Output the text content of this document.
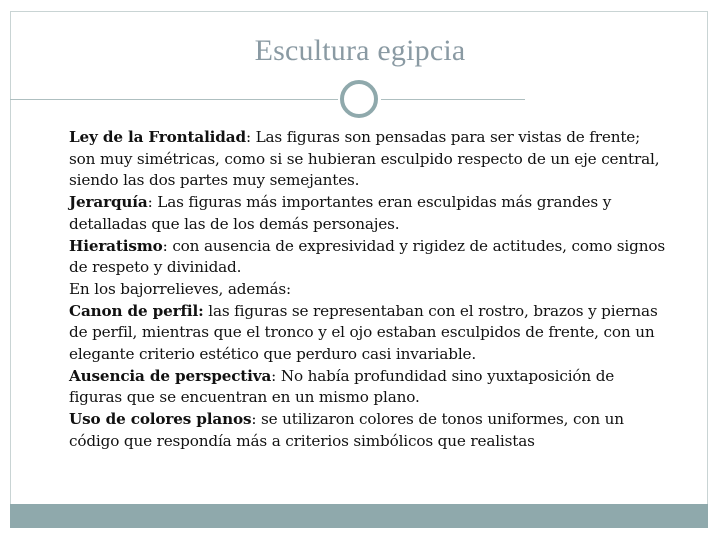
Escultura egipcia

Ley de la Frontalidad: Las figuras son pensadas para ser vistas de frente; son muy simétricas, como si se hubieran esculpido respecto de un eje central, siendo las dos partes muy semejantes.

Jerarquía: Las figuras más importantes eran esculpidas más grandes y detalladas que las de los demás personajes.

Hieratismo: con ausencia de expresividad y rigidez de actitudes, como signos de respeto y divinidad.

En los bajorrelieves, además:

Canon de perfil: las figuras se representaban con el rostro, brazos y piernas de perfil, mientras que el tronco y el ojo estaban esculpidos de frente, con un elegante criterio estético que perduro casi invariable.

Ausencia de perspectiva: No había profundidad sino yuxtaposición de figuras que se encuentran en un mismo plano.

Uso de colores planos: se utilizaron colores de tonos uniformes, con un código que respondía más a criterios simbólicos que realistas
